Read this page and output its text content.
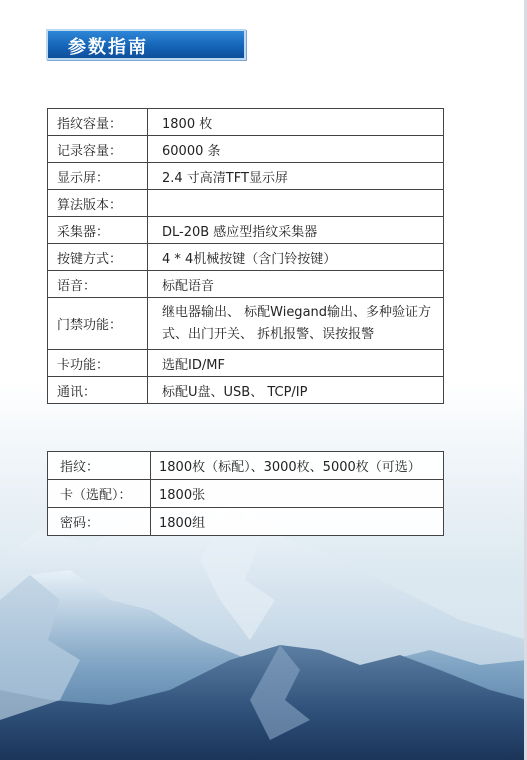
参数指南
指纹容量：	1800 枚
记录容量：	60000 条
显示屏：	2.4 寸高清TFT显示屏
算法版本：	
采集器：	DL-20B 感应型指纹采集器
按键方式：	4 * 4机械按键（含门铃按键）
语音：	标配语音
门禁功能：	继电器输出、 标配Wiegand输出、多种验证方式、出门开关、 拆机报警、误按报警
卡功能：	选配ID/MF
通讯：	标配U盘、USB、 TCP/IP
指纹：	1800枚（标配）、3000枚、5000枚（可选）
卡（选配）：	1800张
密码：	1800组
